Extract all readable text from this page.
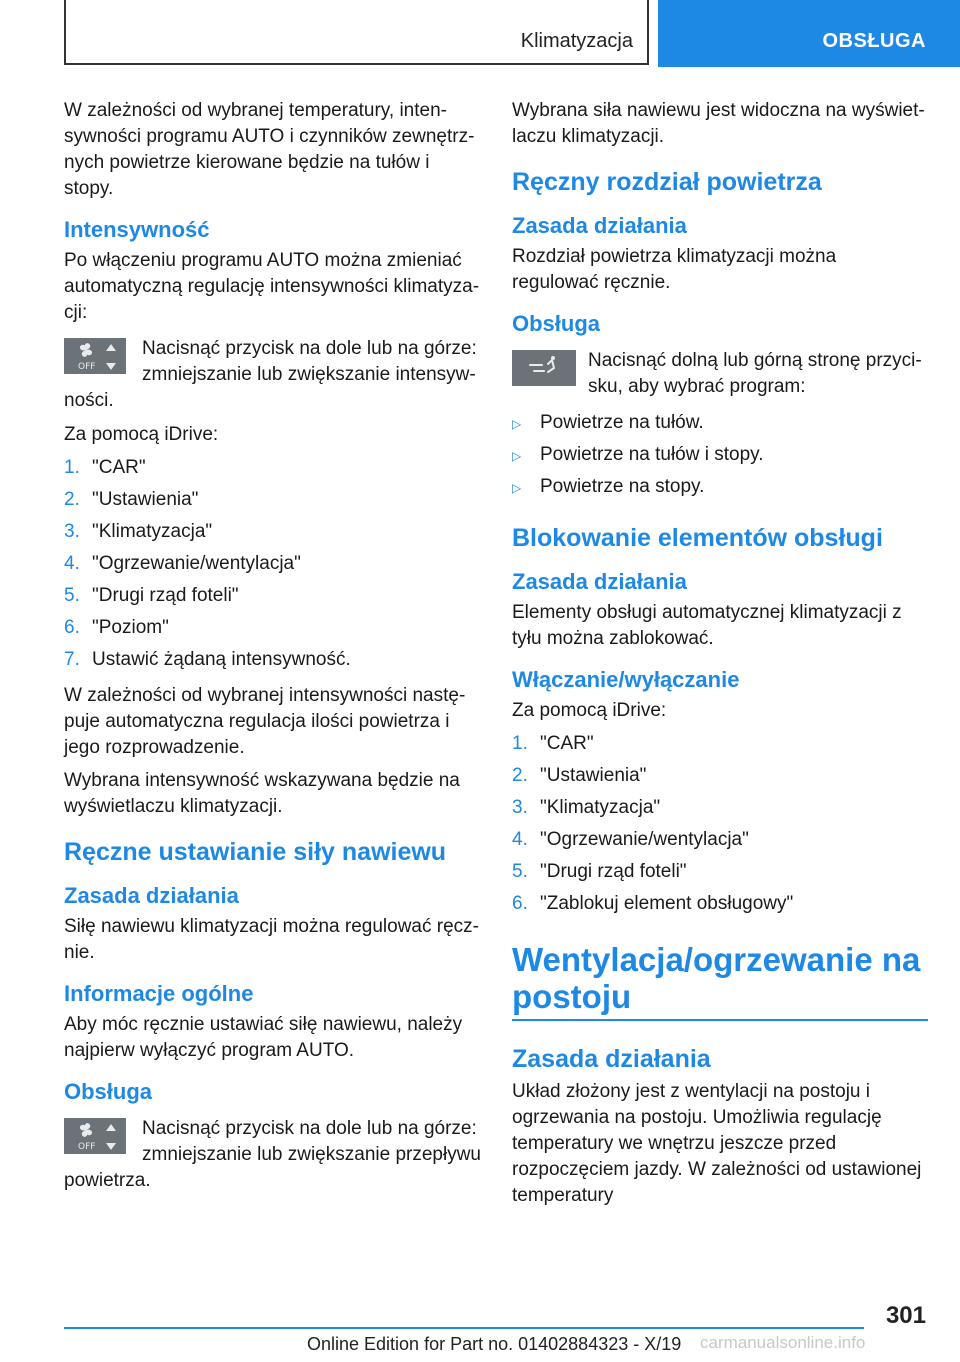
Klimatyzacja	OBSŁUGA

W zależności od wybranej temperatury, intensywności programu AUTO i czynników zewnętrznych powietrze kierowane będzie na tułów i stopy.

Intensywność

Po włączeniu programu AUTO można zmieniać automatyczną regulację intensywności klimatyzacji:

OFF
Nacisnąć przycisk na dole lub na górze: zmniejszanie lub zwiększanie intensywności.

Za pomocą iDrive:

1. "CAR"
2. "Ustawienia"
3. "Klimatyzacja"
4. "Ogrzewanie/wentylacja"
5. "Drugi rząd foteli"
6. "Poziom"
7. Ustawić żądaną intensywność.

W zależności od wybranej intensywności następuje automatyczna regulacja ilości powietrza i jego rozprowadzenie.

Wybrana intensywność wskazywana będzie na wyświetlaczu klimatyzacji.

Ręczne ustawianie siły nawiewu
Zasada działania

Siłę nawiewu klimatyzacji można regulować ręcznie.

Informacje ogólne

Aby móc ręcznie ustawiać siłę nawiewu, należy najpierw wyłączyć program AUTO.

Obsługa
OFF
Nacisnąć przycisk na dole lub na górze: zmniejszanie lub zwiększanie przepływu powietrza.

Wybrana siła nawiewu jest widoczna na wyświetlaczu klimatyzacji.

Ręczny rozdział powietrza
Zasada działania

Rozdział powietrza klimatyzacji można regulować ręcznie.

Obsługa
Nacisnąć dolną lub górną stronę przycisku, aby wybrać program:
▷ Powietrze na tułów.
▷ Powietrze na tułów i stopy.
▷ Powietrze na stopy.
Blokowanie elementów obsługi
Zasada działania

Elementy obsługi automatycznej klimatyzacji z tyłu można zablokować.

Włączanie/wyłączanie

Za pomocą iDrive:

1. "CAR"
2. "Ustawienia"
3. "Klimatyzacja"
4. "Ogrzewanie/wentylacja"
5. "Drugi rząd foteli"
6. "Zablokuj element obsługowy"
Wentylacja/ogrzewanie na postoju
Zasada działania

Układ złożony jest z wentylacji na postoju i ogrzewania na postoju. Umożliwia regulację temperatury we wnętrzu jeszcze przed rozpoczęciem jazdy. W zależności od ustawionej temperatury

301
Online Edition for Part no. 01402884323 - X/19 carmanualsonline.info
